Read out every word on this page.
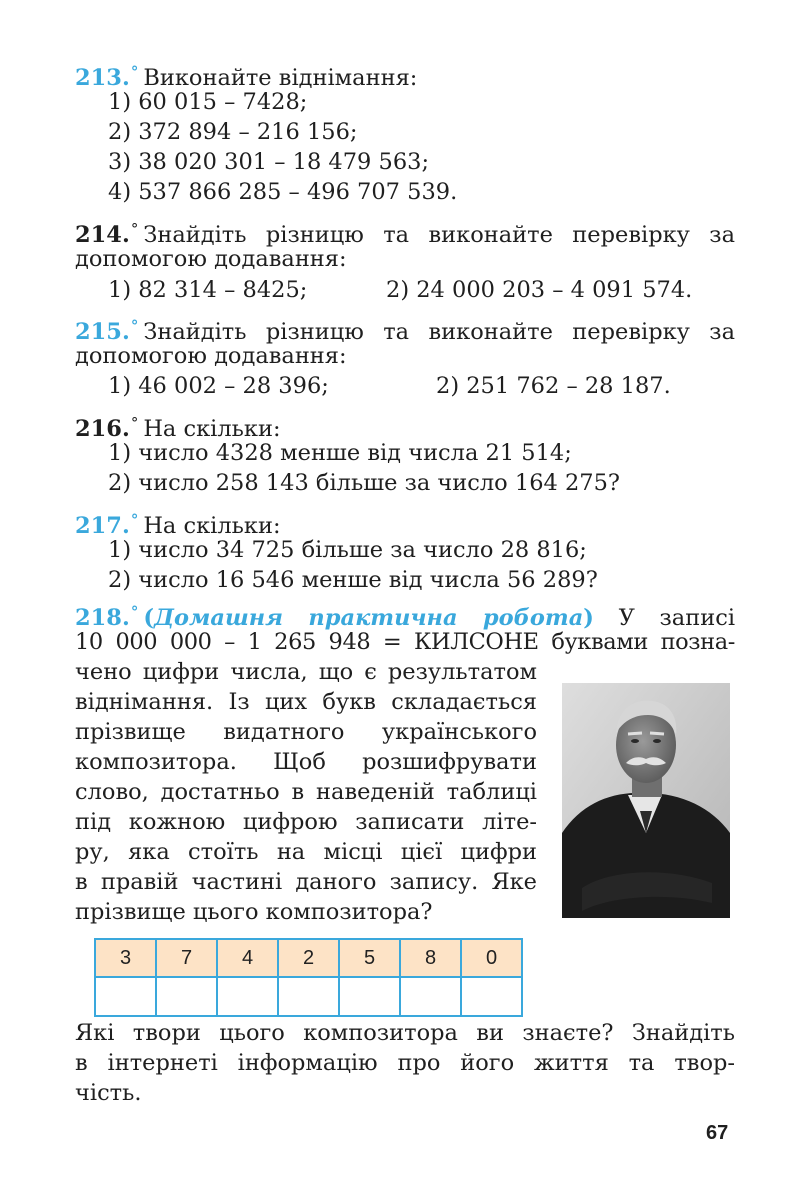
213.° Виконайте віднімання:
1) 60 015 – 7428;
2) 372 894 – 216 156;
3) 38 020 301 – 18 479 563;
4) 537 866 285 – 496 707 539.
214.° Знайдіть різницю та виконайте перевірку за
допомогою додавання:
1) 82 314 – 8425;	2) 24 000 203 – 4 091 574.
215.° Знайдіть різницю та виконайте перевірку за
допомогою додавання:
1) 46 002 – 28 396;	2) 251 762 – 28 187.
216.° На скільки:
1) число 4328 менше від числа 21 514;
2) число 258 143 більше за число 164 275?
217.° На скільки:
1) число 34 725 більше за число 28 816;
2) число 16 546 менше від числа 56 289?
218.° (Домашня практична робота) У записі
10 000 000 – 1 265 948 = КИЛСОНЕ буквами позна-
чено цифри числа, що є результатом
віднімання. Із цих букв складається
прізвище видатного українського
композитора. Щоб розшифрувати
слово, достатньо в наведеній таблиці
під кожною цифрою записати літе-
ру, яка стоїть на місці цієї цифри
в правій частині даного запису. Яке
прізвище цього композитора?
3	7	4	2	5	8	0

Які твори цього композитора ви знаєте? Знайдіть
в інтернеті інформацію про його життя та твор-
чість.
67
